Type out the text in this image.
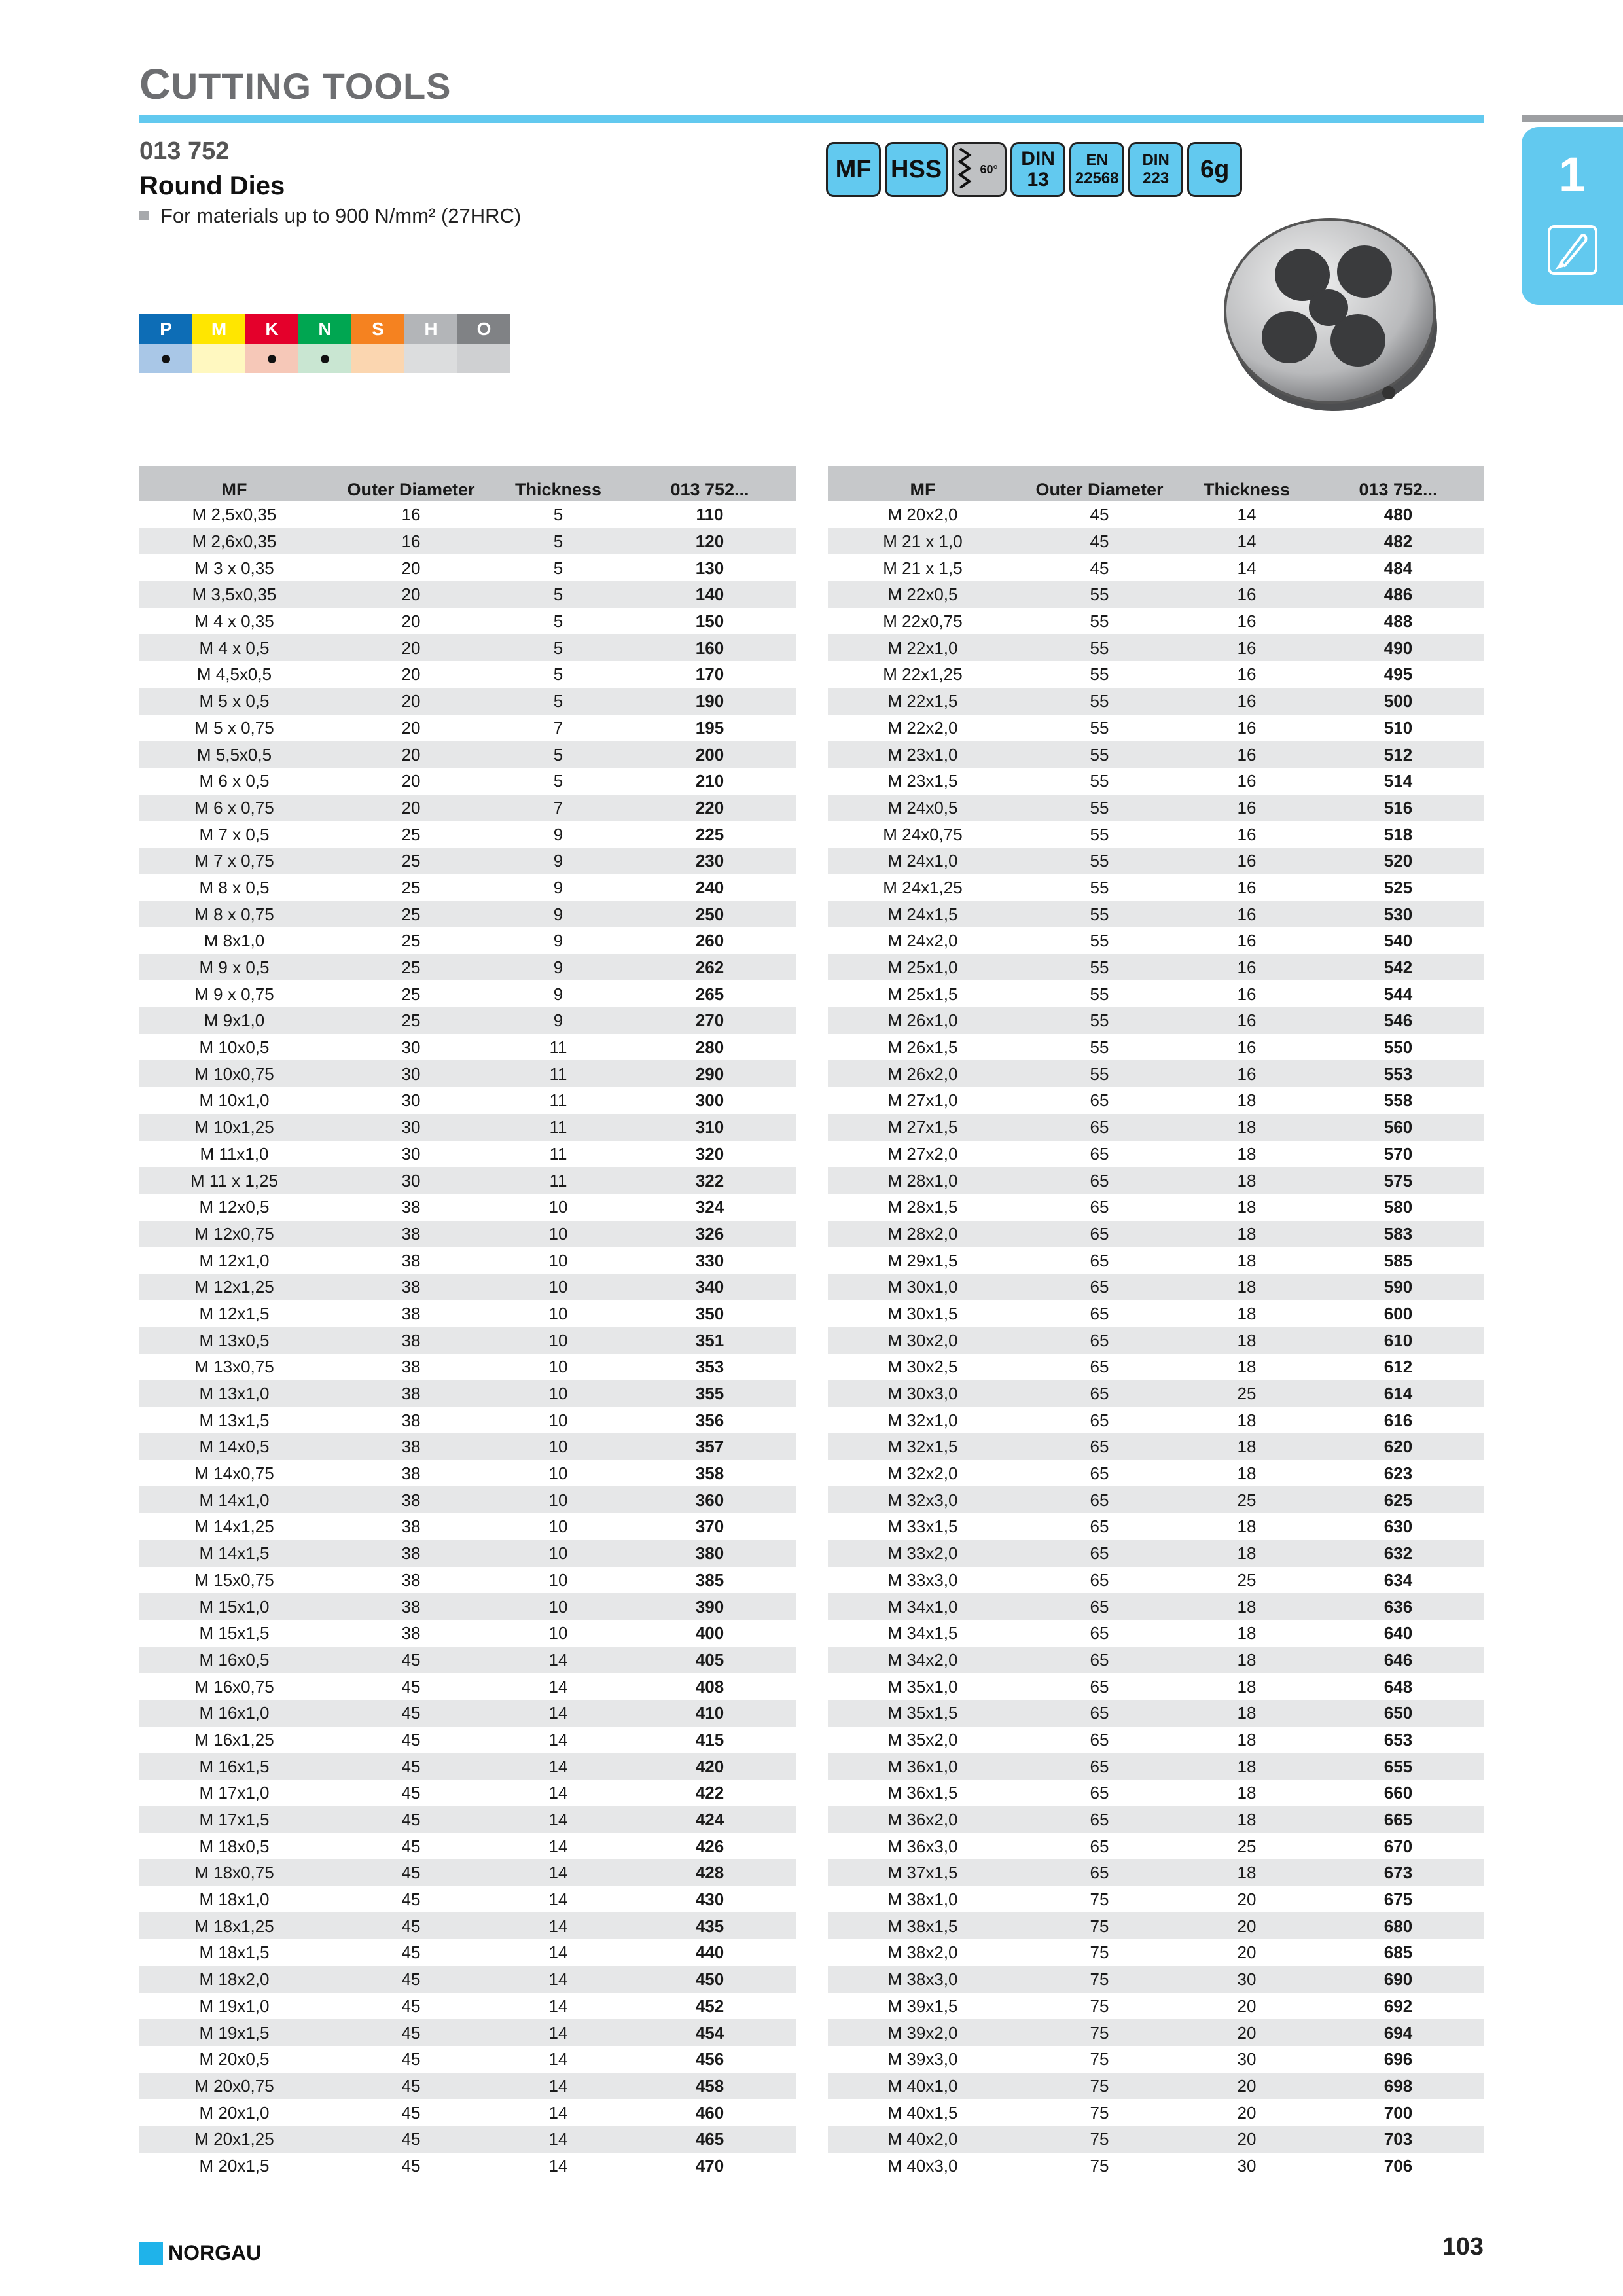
CUTTING TOOLS
1
013 752
Round Dies
For materials up to 900 N/mm² (27HRC)
MF HSS	60° DIN
13
EN
22568
DIN
223	6g
P
●
M	K
●
N
●
S	H	O
MF	Outer Diameter	Thickness	013 752...
M 2,5x0,35	16	5	110
M 2,6x0,35	16	5	120
M 3 x 0,35	20	5	130
M 3,5x0,35	20	5	140
M 4 x 0,35	20	5	150
M 4 x 0,5	20	5	160
M 4,5x0,5	20	5	170
M 5 x 0,5	20	5	190
M 5 x 0,75	20	7	195
M 5,5x0,5	20	5	200
M 6 x 0,5	20	5	210
M 6 x 0,75	20	7	220
M 7 x 0,5	25	9	225
M 7 x 0,75	25	9	230
M 8 x 0,5	25	9	240
M 8 x 0,75	25	9	250
M 8x1,0	25	9	260
M 9 x 0,5	25	9	262
M 9 x 0,75	25	9	265
M 9x1,0	25	9	270
M 10x0,5	30	11	280
M 10x0,75	30	11	290
M 10x1,0	30	11	300
M 10x1,25	30	11	310
M 11x1,0	30	11	320
M 11 x 1,25	30	11	322
M 12x0,5	38	10	324
M 12x0,75	38	10	326
M 12x1,0	38	10	330
M 12x1,25	38	10	340
M 12x1,5	38	10	350
M 13x0,5	38	10	351
M 13x0,75	38	10	353
M 13x1,0	38	10	355
M 13x1,5	38	10	356
M 14x0,5	38	10	357
M 14x0,75	38	10	358
M 14x1,0	38	10	360
M 14x1,25	38	10	370
M 14x1,5	38	10	380
M 15x0,75	38	10	385
M 15x1,0	38	10	390
M 15x1,5	38	10	400
M 16x0,5	45	14	405
M 16x0,75	45	14	408
M 16x1,0	45	14	410
M 16x1,25	45	14	415
M 16x1,5	45	14	420
M 17x1,0	45	14	422
M 17x1,5	45	14	424
M 18x0,5	45	14	426
M 18x0,75	45	14	428
M 18x1,0	45	14	430
M 18x1,25	45	14	435
M 18x1,5	45	14	440
M 18x2,0	45	14	450
M 19x1,0	45	14	452
M 19x1,5	45	14	454
M 20x0,5	45	14	456
M 20x0,75	45	14	458
M 20x1,0	45	14	460
M 20x1,25	45	14	465
M 20x1,5	45	14	470
MF	Outer Diameter	Thickness	013 752...
M 20x2,0	45	14	480
M 21 x 1,0	45	14	482
M 21 x 1,5	45	14	484
M 22x0,5	55	16	486
M 22x0,75	55	16	488
M 22x1,0	55	16	490
M 22x1,25	55	16	495
M 22x1,5	55	16	500
M 22x2,0	55	16	510
M 23x1,0	55	16	512
M 23x1,5	55	16	514
M 24x0,5	55	16	516
M 24x0,75	55	16	518
M 24x1,0	55	16	520
M 24x1,25	55	16	525
M 24x1,5	55	16	530
M 24x2,0	55	16	540
M 25x1,0	55	16	542
M 25x1,5	55	16	544
M 26x1,0	55	16	546
M 26x1,5	55	16	550
M 26x2,0	55	16	553
M 27x1,0	65	18	558
M 27x1,5	65	18	560
M 27x2,0	65	18	570
M 28x1,0	65	18	575
M 28x1,5	65	18	580
M 28x2,0	65	18	583
M 29x1,5	65	18	585
M 30x1,0	65	18	590
M 30x1,5	65	18	600
M 30x2,0	65	18	610
M 30x2,5	65	18	612
M 30x3,0	65	25	614
M 32x1,0	65	18	616
M 32x1,5	65	18	620
M 32x2,0	65	18	623
M 32x3,0	65	25	625
M 33x1,5	65	18	630
M 33x2,0	65	18	632
M 33x3,0	65	25	634
M 34x1,0	65	18	636
M 34x1,5	65	18	640
M 34x2,0	65	18	646
M 35x1,0	65	18	648
M 35x1,5	65	18	650
M 35x2,0	65	18	653
M 36x1,0	65	18	655
M 36x1,5	65	18	660
M 36x2,0	65	18	665
M 36x3,0	65	25	670
M 37x1,5	65	18	673
M 38x1,0	75	20	675
M 38x1,5	75	20	680
M 38x2,0	75	20	685
M 38x3,0	75	30	690
M 39x1,5	75	20	692
M 39x2,0	75	20	694
M 39x3,0	75	30	696
M 40x1,0	75	20	698
M 40x1,5	75	20	700
M 40x2,0	75	20	703
M 40x3,0	75	30	706
NORGAU	103
